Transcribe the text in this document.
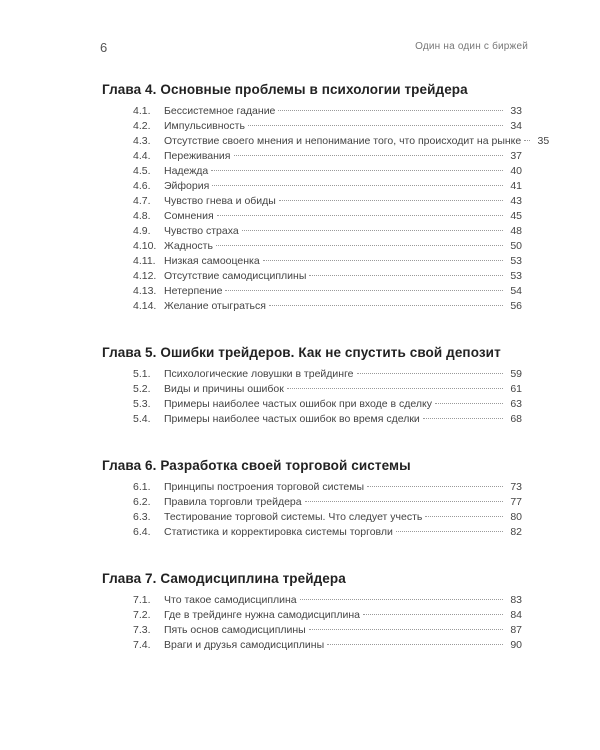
6	Один на один с биржей
Глава 4. Основные проблемы в психологии трейдера
4.1.	Бессистемное гадание	33
4.2.	Импульсивность	34
4.3.	Отсутствие своего мнения и непонимание того, что происходит на рынке	35
4.4.	Переживания	37
4.5.	Надежда	40
4.6.	Эйфория	41
4.7.	Чувство гнева и обиды	43
4.8.	Сомнения	45
4.9.	Чувство страха	48
4.10. Жадность	50
4.11. Низкая самооценка	53
4.12. Отсутствие самодисциплины	53
4.13. Нетерпение	54
4.14. Желание отыграться	56
Глава 5. Ошибки трейдеров. Как не спустить свой депозит
5.1.	Психологические ловушки в трейдинге	59
5.2.	Виды и причины ошибок	61
5.3.	Примеры наиболее частых ошибок при входе в сделку	63
5.4.	Примеры наиболее частых ошибок во время сделки	68
Глава 6. Разработка своей торговой системы
6.1.	Принципы построения торговой системы	73
6.2.	Правила торговли трейдера	77
6.3.	Тестирование торговой системы. Что следует учесть	80
6.4.	Статистика и корректировка системы торговли	82
Глава 7. Самодисциплина трейдера
7.1.	Что такое самодисциплина	83
7.2.	Где в трейдинге нужна самодисциплина	84
7.3.	Пять основ самодисциплины	87
7.4.	Враги и друзья самодисциплины	90
